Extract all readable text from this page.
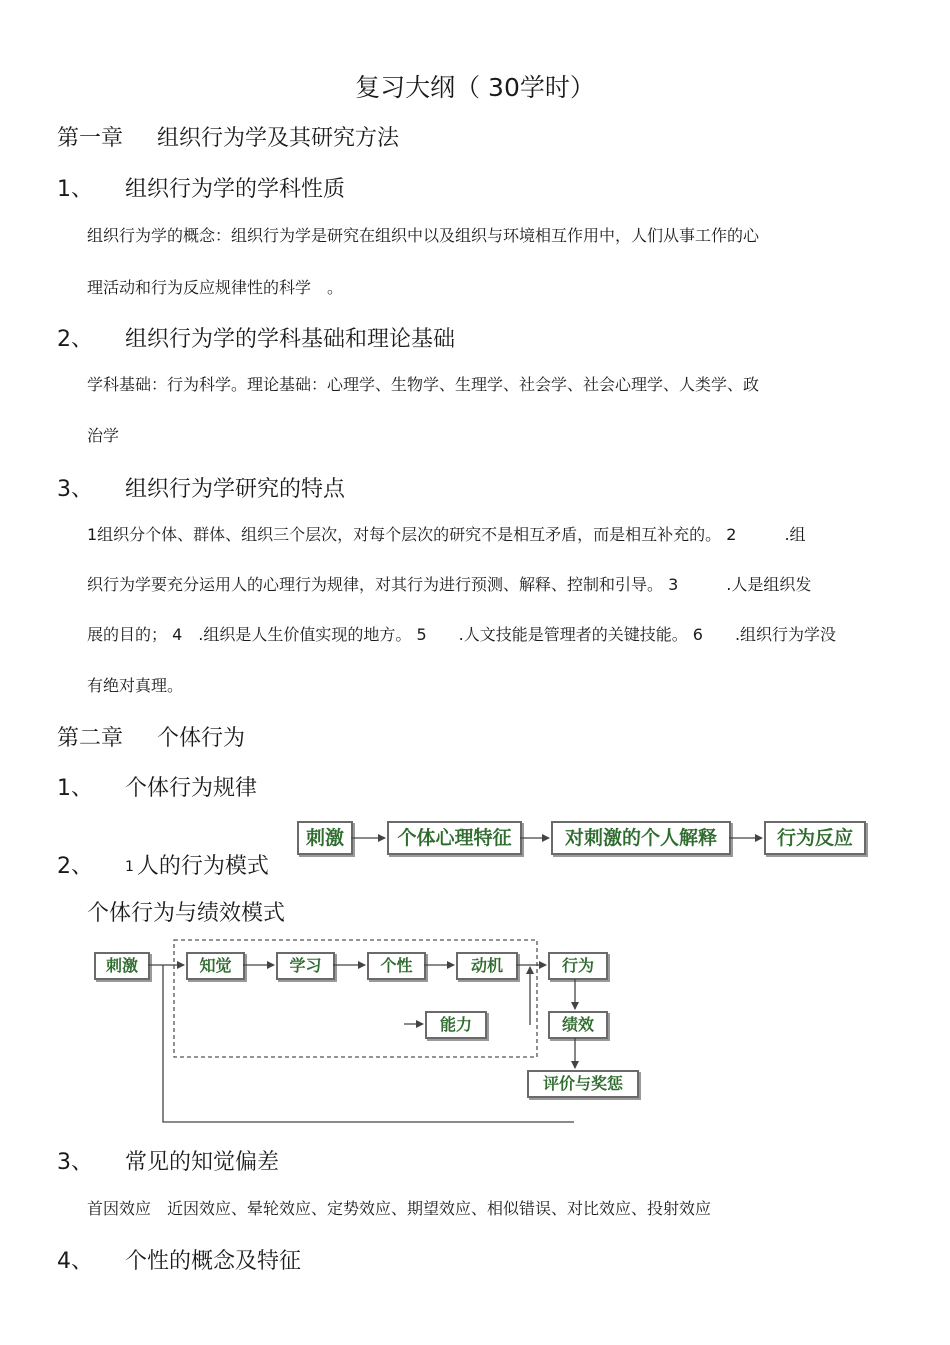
复习大纲（ 30学时）
第一章 组织行为学及其研究方法
1、 组织行为学的学科性质
组织行为学的概念：组织行为学是研究在组织中以及组织与环境相互作用中，人们从事工作的心
理活动和行为反应规律性的科学　。
2、 组织行为学的学科基础和理论基础
学科基础：行为科学。理论基础：心理学、生物学、生理学、社会学、社会心理学、人类学、政
治学
3、 组织行为学研究的特点
1组织分个体、群体、组织三个层次，对每个层次的研究不是相互矛盾，而是相互补充的。 2　　　.组
织行为学要充分运用人的心理行为规律，对其行为进行预测、解释、控制和引导。 3　　　.人是组织发
展的目的； 4　.组织是人生价值实现的地方。 5　　.人文技能是管理者的关键技能。 6　　.组织行为学没
有绝对真理。
第二章 个体行为
1、 个体行为规律
2、 1 人的行为模式
个体行为与绩效模式
刺激	个体心理特征	对刺激的个人解释	行为反应
刺激	知觉	学习	个性	动机
能力
行为
绩效
评价与奖惩
3、 常见的知觉偏差
首因效应　近因效应、晕轮效应、定势效应、期望效应、相似错误、对比效应、投射效应
4、 个性的概念及特征
